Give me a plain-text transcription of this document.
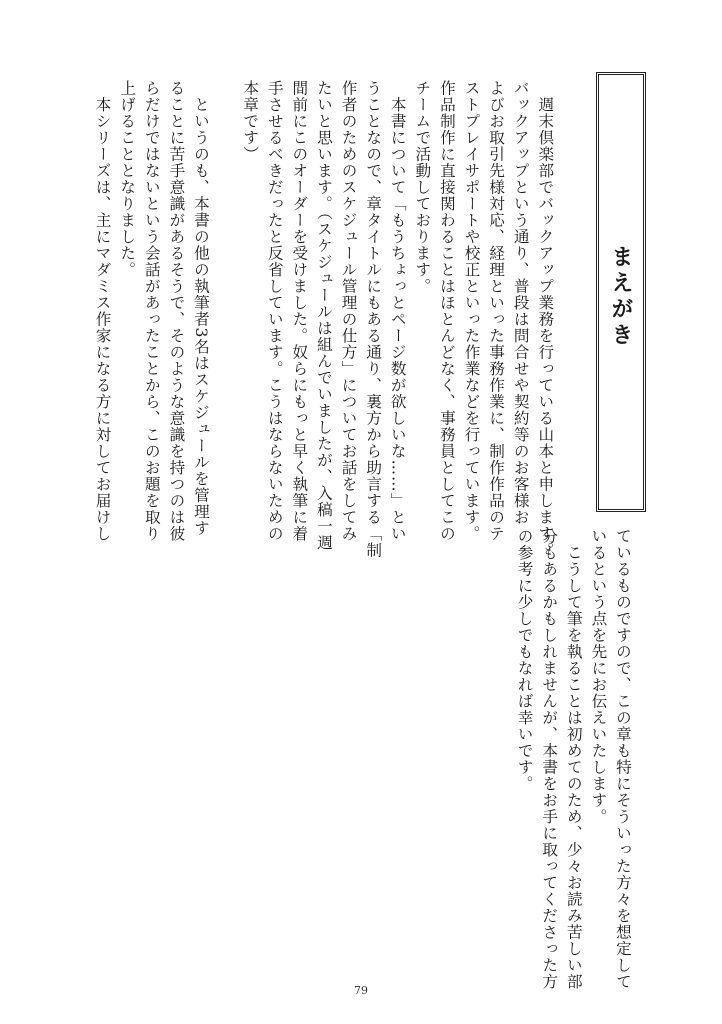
まえがき
　週末倶楽部でバックアップ業務を行っている山本と申します。
バックアップという通り、普段は問合せや契約等のお客様お
よびお取引先様対応、経理といった事務作業に、制作作品のテ
ストプレイサポートや校正といった作業などを行っています。
作品制作に直接関わることはほとんどなく、事務員としてこの
チームで活動しております。
　本書について「もうちょっとページ数が欲しいな……」とい
うことなので、章タイトルにもある通り、裏方から助言する「制
作者のためのスケジュール管理の仕方」についてお話をしてみ
たいと思います。（スケジュールは組んでいましたが、入稿一週
間前にこのオーダーを受けました。奴らにもっと早く執筆に着
手させるべきだったと反省しています。こうはならないための
本章です）

　というのも、本書の他の執筆者3名はスケジュールを管理す
ることに苦手意識があるそうで、そのような意識を持つのは彼
らだけではないという会話があったことから、このお題を取り
上げることとなりました。
　本シリーズは、主にマダミス作家になる方に対してお届けし
ているものですので、この章も特にそういった方々を想定して
いるという点を先にお伝えいたします。
　こうして筆を執ることは初めてのため、少々お読み苦しい部
分もあるかもしれませんが、本書をお手に取ってくださった方
の参考に少しでもなれば幸いです。
79
